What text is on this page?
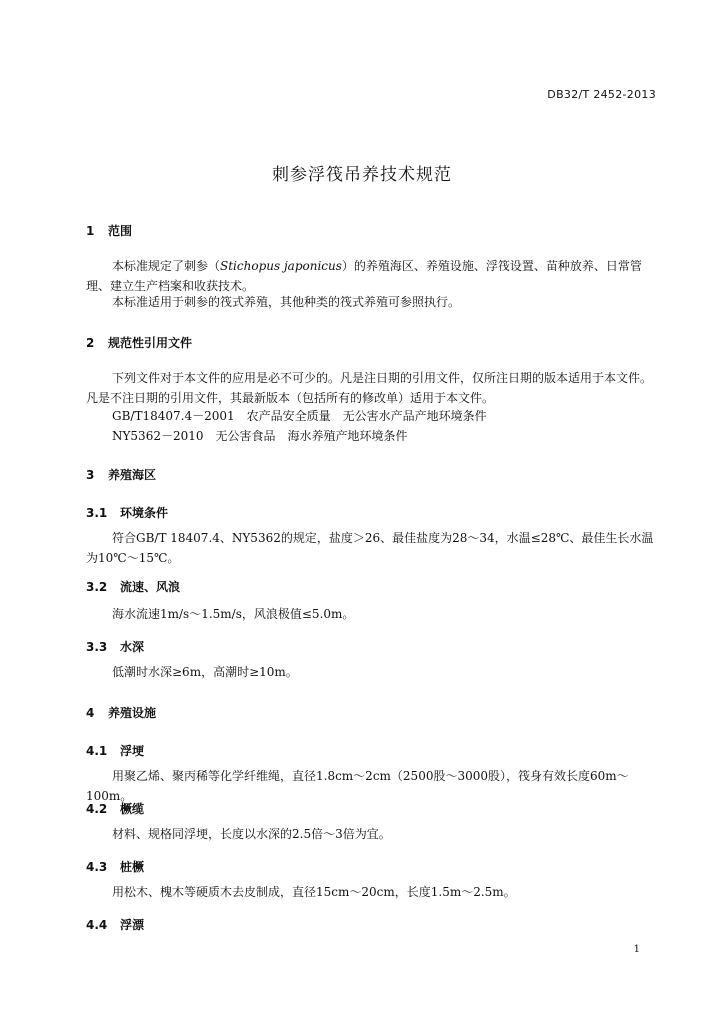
DB32/T 2452-2013
刺参浮筏吊养技术规范
1 范围
本标准规定了刺参（Stichopus japonicus）的养殖海区、养殖设施、浮筏设置、苗种放养、日常管理、建立生产档案和收获技术。
本标准适用于刺参的筏式养殖，其他种类的筏式养殖可参照执行。
2 规范性引用文件
下列文件对于本文件的应用是必不可少的。凡是注日期的引用文件，仅所注日期的版本适用于本文件。凡是不注日期的引用文件，其最新版本（包括所有的修改单）适用于本文件。
GB/T18407.4－2001　农产品安全质量　无公害水产品产地环境条件
NY5362－2010　无公害食品　海水养殖产地环境条件
3 养殖海区
3.1 环境条件
符合GB/T 18407.4、NY5362的规定，盐度＞26、最佳盐度为28～34，水温≤28℃、最佳生长水温为10℃～15℃。
3.2 流速、风浪
海水流速1m/s～1.5m/s，风浪极值≤5.0m。
3.3 水深
低潮时水深≥6m，高潮时≥10m。
4 养殖设施
4.1 浮埂
用聚乙烯、聚丙稀等化学纤维绳，直径1.8cm～2cm（2500股～3000股），筏身有效长度60m～100m。
4.2 橛缆
材料、规格同浮埂，长度以水深的2.5倍～3倍为宜。
4.3 桩橛
用松木、槐木等硬质木去皮制成，直径15cm～20cm，长度1.5m～2.5m。
4.4 浮漂
1
